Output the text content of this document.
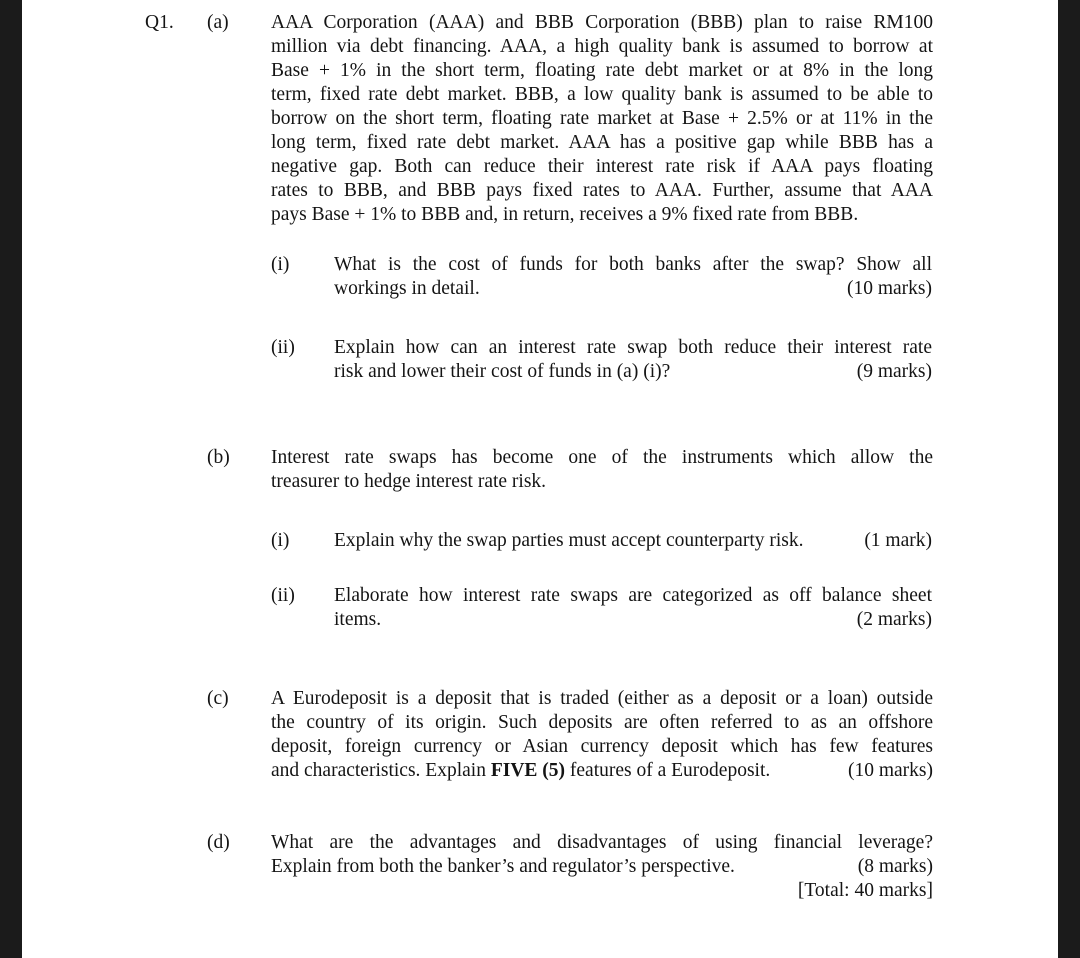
Q1. (a) AAA Corporation (AAA) and BBB Corporation (BBB) plan to raise RM100
million via debt financing. AAA, a high quality bank is assumed to borrow at
Base + 1% in the short term, floating rate debt market or at 8% in the long
term, fixed rate debt market. BBB, a low quality bank is assumed to be able to
borrow on the short term, floating rate market at Base + 2.5% or at 11% in the
long term, fixed rate debt market. AAA has a positive gap while BBB has a
negative gap. Both can reduce their interest rate risk if AAA pays floating
rates to BBB, and BBB pays fixed rates to AAA. Further, assume that AAA
pays Base + 1% to BBB and, in return, receives a 9% fixed rate from BBB.
(i) What is the cost of funds for both banks after the swap? Show all
workings in detail.	(10 marks)
(ii) Explain how can an interest rate swap both reduce their interest rate
risk and lower their cost of funds in (a) (i)?	(9 marks)
(b) Interest rate swaps has become one of the instruments which allow the
treasurer to hedge interest rate risk.
(i) Explain why the swap parties must accept counterparty risk.	(1 mark)
(ii) Elaborate how interest rate swaps are categorized as off balance sheet
items.	(2 marks)
(c) A Eurodeposit is a deposit that is traded (either as a deposit or a loan) outside
the country of its origin. Such deposits are often referred to as an offshore
deposit, foreign currency or Asian currency deposit which has few features
and characteristics. Explain FIVE (5) features of a Eurodeposit.	(10 marks)
(d) What are the advantages and disadvantages of using financial leverage?
Explain from both the banker’s and regulator’s perspective.	(8 marks)
[Total: 40 marks]
